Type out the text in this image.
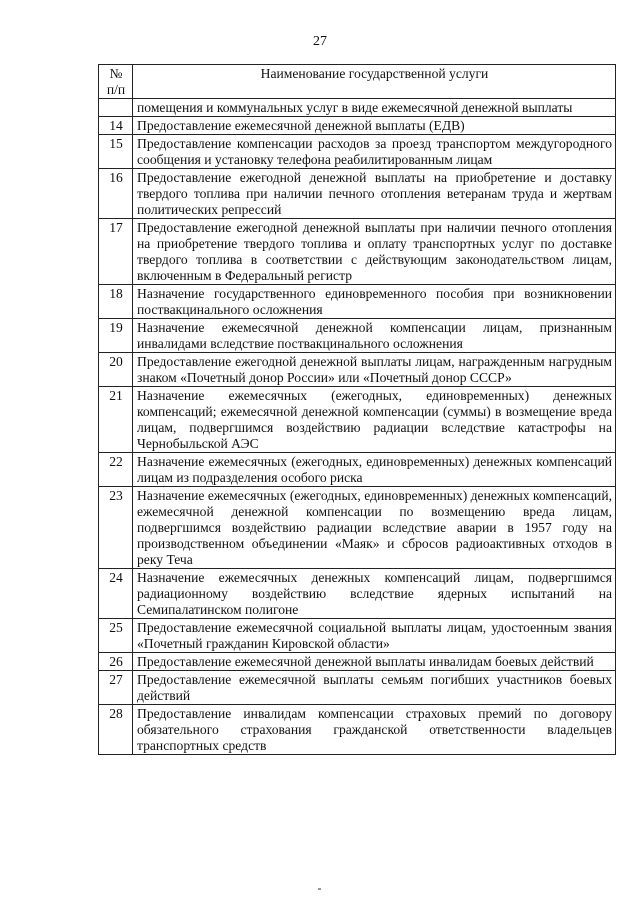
27
№
п/п	Наименование государственной услуги
	помещения и коммунальных услуг в виде ежемесячной денежной выплаты
14	Предоставление ежемесячной денежной выплаты (ЕДВ)
15	Предоставление компенсации расходов за проезд транспортом междугородного сообщения и установку телефона реабилитированным лицам
16	Предоставление ежегодной денежной выплаты на приобретение и доставку твердого топлива при наличии печного отопления ветеранам труда и жертвам политических репрессий
17	Предоставление ежегодной денежной выплаты при наличии печного отопления на приобретение твердого топлива и оплату транспортных услуг по доставке твердого топлива в соответствии с действующим законодательством лицам, включенным в Федеральный регистр
18	Назначение государственного единовременного пособия при возникновении поствакцинального осложнения
19	Назначение ежемесячной денежной компенсации лицам, признанным инвалидами вследствие поствакцинального осложнения
20	Предоставление ежегодной денежной выплаты лицам, награжденным нагрудным знаком «Почетный донор России» или «Почетный донор СССР»
21	Назначение ежемесячных (ежегодных, единовременных) денежных компенсаций; ежемесячной денежной компенсации (суммы) в возмещение вреда лицам, подвергшимся воздействию радиации вследствие катастрофы на Чернобыльской АЭС
22	Назначение ежемесячных (ежегодных, единовременных) денежных компенсаций лицам из подразделения особого риска
23	Назначение ежемесячных (ежегодных, единовременных) денежных компенсаций, ежемесячной денежной компенсации по возмещению вреда лицам, подвергшимся воздействию радиации вследствие аварии в 1957 году на производственном объединении «Маяк» и сбросов радиоактивных отходов в реку Теча
24	Назначение ежемесячных денежных компенсаций лицам, подвергшимся радиационному воздействию вследствие ядерных испытаний на Семипалатинском полигоне
25	Предоставление ежемесячной социальной выплаты лицам, удостоенным звания «Почетный гражданин Кировской области»
26	Предоставление ежемесячной денежной выплаты инвалидам боевых действий
27	Предоставление ежемесячной выплаты семьям погибших участников боевых действий
28	Предоставление инвалидам компенсации страховых премий по договору обязательного страхования гражданской ответственности владельцев транспортных средств
